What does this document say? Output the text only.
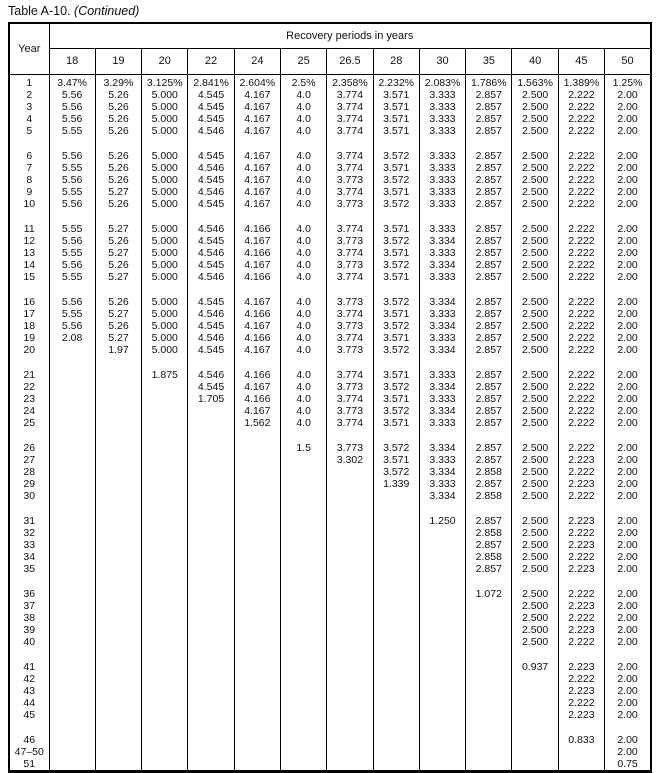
Table A-10. (Continued)
Year	Recovery periods in years												
	18	19	20	22	24	25	26.5	28	30	35	40	45	50
1	3.47%	3.29%	3.125%	2.841%	2.604%	2.5%	2.358%	2.232%	2.083%	1.786%	1.563%	1.389%	1.25%
2	5.56	5.26	5.000	4.545	4.167	4.0	3.774	3.571	3.333	2.857	2.500	2.222	2.00
3	5.56	5.26	5.000	4.545	4.167	4.0	3.774	3.571	3.333	2.857	2.500	2.222	2.00
4	5.56	5.26	5.000	4.545	4.167	4.0	3.774	3.571	3.333	2.857	2.500	2.222	2.00
5	5.55	5.26	5.000	4.546	4.167	4.0	3.774	3.571	3.333	2.857	2.500	2.222	2.00

6	5.56	5.26	5.000	4.545	4.167	4.0	3.774	3.572	3.333	2.857	2.500	2.222	2.00
7	5.55	5.26	5.000	4.546	4.167	4.0	3.774	3.571	3.333	2.857	2.500	2.222	2.00
8	5.56	5.26	5.000	4.545	4.167	4.0	3.773	3.572	3.333	2.857	2.500	2.222	2.00
9	5.55	5.27	5.000	4.546	4.167	4.0	3.774	3.571	3.333	2.857	2.500	2.222	2.00
10	5.56	5.26	5.000	4.545	4.167	4.0	3.773	3.572	3.333	2.857	2.500	2.222	2.00

11	5.55	5.27	5.000	4.546	4.166	4.0	3.774	3.571	3.333	2.857	2.500	2.222	2.00
12	5.56	5.26	5.000	4.545	4.167	4.0	3.773	3.572	3.334	2.857	2.500	2.222	2.00
13	5.55	5.27	5.000	4.546	4.166	4.0	3.774	3.571	3.333	2.857	2.500	2.222	2.00
14	5.56	5.26	5.000	4.545	4.167	4.0	3.773	3.572	3.334	2.857	2.500	2.222	2.00
15	5.55	5.27	5.000	4.546	4.166	4.0	3.774	3.571	3.333	2.857	2.500	2.222	2.00

16	5.56	5.26	5.000	4.545	4.167	4.0	3.773	3.572	3.334	2.857	2.500	2.222	2.00
17	5.55	5.27	5.000	4.546	4.166	4.0	3.774	3.571	3.333	2.857	2.500	2.222	2.00
18	5.56	5.26	5.000	4.545	4.167	4.0	3.773	3.572	3.334	2.857	2.500	2.222	2.00
19	2.08	5.27	5.000	4.546	4.166	4.0	3.774	3.571	3.333	2.857	2.500	2.222	2.00
20		1.97	5.000	4.545	4.167	4.0	3.773	3.572	3.334	2.857	2.500	2.222	2.00

21			1.875	4.546	4.166	4.0	3.774	3.571	3.333	2.857	2.500	2.222	2.00
22				4.545	4.167	4.0	3.773	3.572	3.334	2.857	2.500	2.222	2.00
23				1.705	4.166	4.0	3.774	3.571	3.333	2.857	2.500	2.222	2.00
24					4.167	4.0	3.773	3.572	3.334	2.857	2.500	2.222	2.00
25					1.562	4.0	3.774	3.571	3.333	2.857	2.500	2.222	2.00

26						1.5	3.773	3.572	3.334	2.857	2.500	2.222	2.00
27							3.302	3.571	3.333	2.857	2.500	2.223	2.00
28								3.572	3.334	2.858	2.500	2.222	2.00
29								1.339	3.333	2.857	2.500	2.223	2.00
30									3.334	2.858	2.500	2.222	2.00

31									1.250	2.857	2.500	2.223	2.00
32										2.858	2.500	2.222	2.00
33										2.857	2.500	2.223	2.00
34										2.858	2.500	2.222	2.00
35										2.857	2.500	2.223	2.00

36										1.072	2.500	2.222	2.00
37											2.500	2.223	2.00
38											2.500	2.222	2.00
39											2.500	2.223	2.00
40											2.500	2.222	2.00

41											0.937	2.223	2.00
42												2.222	2.00
43												2.223	2.00
44												2.222	2.00
45												2.223	2.00

46												0.833	2.00
47–50													2.00
51													0.75
